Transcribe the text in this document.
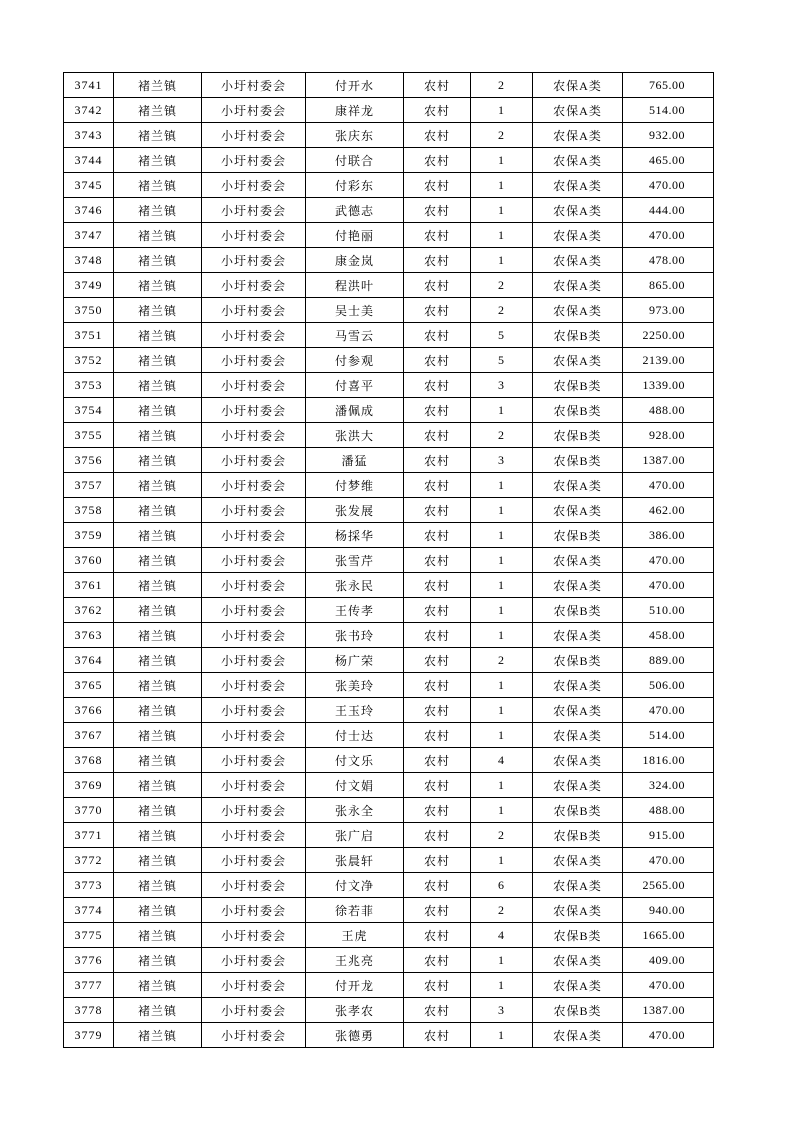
3741	褚兰镇	小圩村委会	付开水	农村	2	农保A类	765.00
3742	褚兰镇	小圩村委会	康祥龙	农村	1	农保A类	514.00
3743	褚兰镇	小圩村委会	张庆东	农村	2	农保A类	932.00
3744	褚兰镇	小圩村委会	付联合	农村	1	农保A类	465.00
3745	褚兰镇	小圩村委会	付彩东	农村	1	农保A类	470.00
3746	褚兰镇	小圩村委会	武德志	农村	1	农保A类	444.00
3747	褚兰镇	小圩村委会	付艳丽	农村	1	农保A类	470.00
3748	褚兰镇	小圩村委会	康金岚	农村	1	农保A类	478.00
3749	褚兰镇	小圩村委会	程洪叶	农村	2	农保A类	865.00
3750	褚兰镇	小圩村委会	吴士美	农村	2	农保A类	973.00
3751	褚兰镇	小圩村委会	马雪云	农村	5	农保B类	2250.00
3752	褚兰镇	小圩村委会	付参观	农村	5	农保A类	2139.00
3753	褚兰镇	小圩村委会	付喜平	农村	3	农保B类	1339.00
3754	褚兰镇	小圩村委会	潘佩成	农村	1	农保B类	488.00
3755	褚兰镇	小圩村委会	张洪大	农村	2	农保B类	928.00
3756	褚兰镇	小圩村委会	潘猛	农村	3	农保B类	1387.00
3757	褚兰镇	小圩村委会	付梦维	农村	1	农保A类	470.00
3758	褚兰镇	小圩村委会	张发展	农村	1	农保A类	462.00
3759	褚兰镇	小圩村委会	杨採华	农村	1	农保B类	386.00
3760	褚兰镇	小圩村委会	张雪芹	农村	1	农保A类	470.00
3761	褚兰镇	小圩村委会	张永民	农村	1	农保A类	470.00
3762	褚兰镇	小圩村委会	王传孝	农村	1	农保B类	510.00
3763	褚兰镇	小圩村委会	张书玲	农村	1	农保A类	458.00
3764	褚兰镇	小圩村委会	杨广荣	农村	2	农保B类	889.00
3765	褚兰镇	小圩村委会	张美玲	农村	1	农保A类	506.00
3766	褚兰镇	小圩村委会	王玉玲	农村	1	农保A类	470.00
3767	褚兰镇	小圩村委会	付士达	农村	1	农保A类	514.00
3768	褚兰镇	小圩村委会	付文乐	农村	4	农保A类	1816.00
3769	褚兰镇	小圩村委会	付文娟	农村	1	农保A类	324.00
3770	褚兰镇	小圩村委会	张永全	农村	1	农保B类	488.00
3771	褚兰镇	小圩村委会	张广启	农村	2	农保B类	915.00
3772	褚兰镇	小圩村委会	张晨轩	农村	1	农保A类	470.00
3773	褚兰镇	小圩村委会	付文净	农村	6	农保A类	2565.00
3774	褚兰镇	小圩村委会	徐若菲	农村	2	农保A类	940.00
3775	褚兰镇	小圩村委会	王虎	农村	4	农保B类	1665.00
3776	褚兰镇	小圩村委会	王兆亮	农村	1	农保A类	409.00
3777	褚兰镇	小圩村委会	付开龙	农村	1	农保A类	470.00
3778	褚兰镇	小圩村委会	张孝农	农村	3	农保B类	1387.00
3779	褚兰镇	小圩村委会	张德勇	农村	1	农保A类	470.00
